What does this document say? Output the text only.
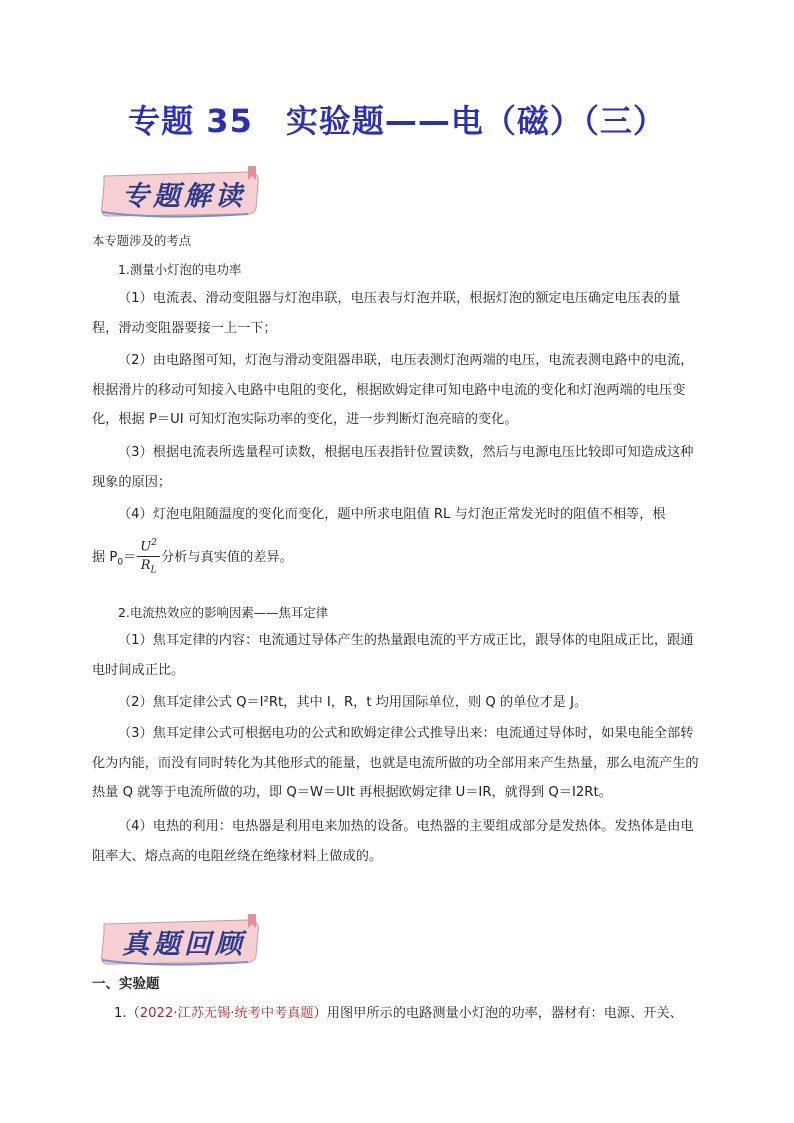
专题 35　实验题——电（磁）（三）
专题解读

本专题涉及的考点

1.测量小灯泡的电功率

（1）电流表、滑动变阻器与灯泡串联，电压表与灯泡并联，根据灯泡的额定电压确定电压表的量程，滑动变阻器要接一上一下；

（2）由电路图可知，灯泡与滑动变阻器串联，电压表测灯泡两端的电压，电流表测电路中的电流，根据滑片的移动可知接入电路中电阻的变化，根据欧姆定律可知电路中电流的变化和灯泡两端的电压变化，根据 P＝UI 可知灯泡实际功率的变化，进一步判断灯泡亮暗的变化。

（3）根据电流表所选量程可读数，根据电压表指针位置读数，然后与电源电压比较即可知造成这种现象的原因；

（4）灯泡电阻随温度的变化而变化，题中所求电阻值 RL 与灯泡正常发光时的阻值不相等，根

据 $P_0= \frac{U^2}{R_L}$ 分析与真实值的差异。

2.电流热效应的影响因素——焦耳定律

（1）焦耳定律的内容：电流通过导体产生的热量跟电流的平方成正比，跟导体的电阻成正比，跟通电时间成正比。

（2）焦耳定律公式 Q＝I²Rt，其中 I，R，t 均用国际单位，则 Q 的单位才是 J。

（3）焦耳定律公式可根据电功的公式和欧姆定律公式推导出来：电流通过导体时，如果电能全部转化为内能，而没有同时转化为其他形式的能量，也就是电流所做的功全部用来产生热量，那么电流产生的热量 Q 就等于电流所做的功，即 Q＝W＝UIt 再根据欧姆定律 U＝IR，就得到 Q＝I2Rt。

（4）电热的利用：电热器是利用电来加热的设备。电热器的主要组成部分是发热体。发热体是由电阻率大、熔点高的电阻丝绕在绝缘材料上做成的。

真题回顾

一、实验题

1.（2022·江苏无锡·统考中考真题）用图甲所示的电路测量小灯泡的功率，器材有：电源、开关、
